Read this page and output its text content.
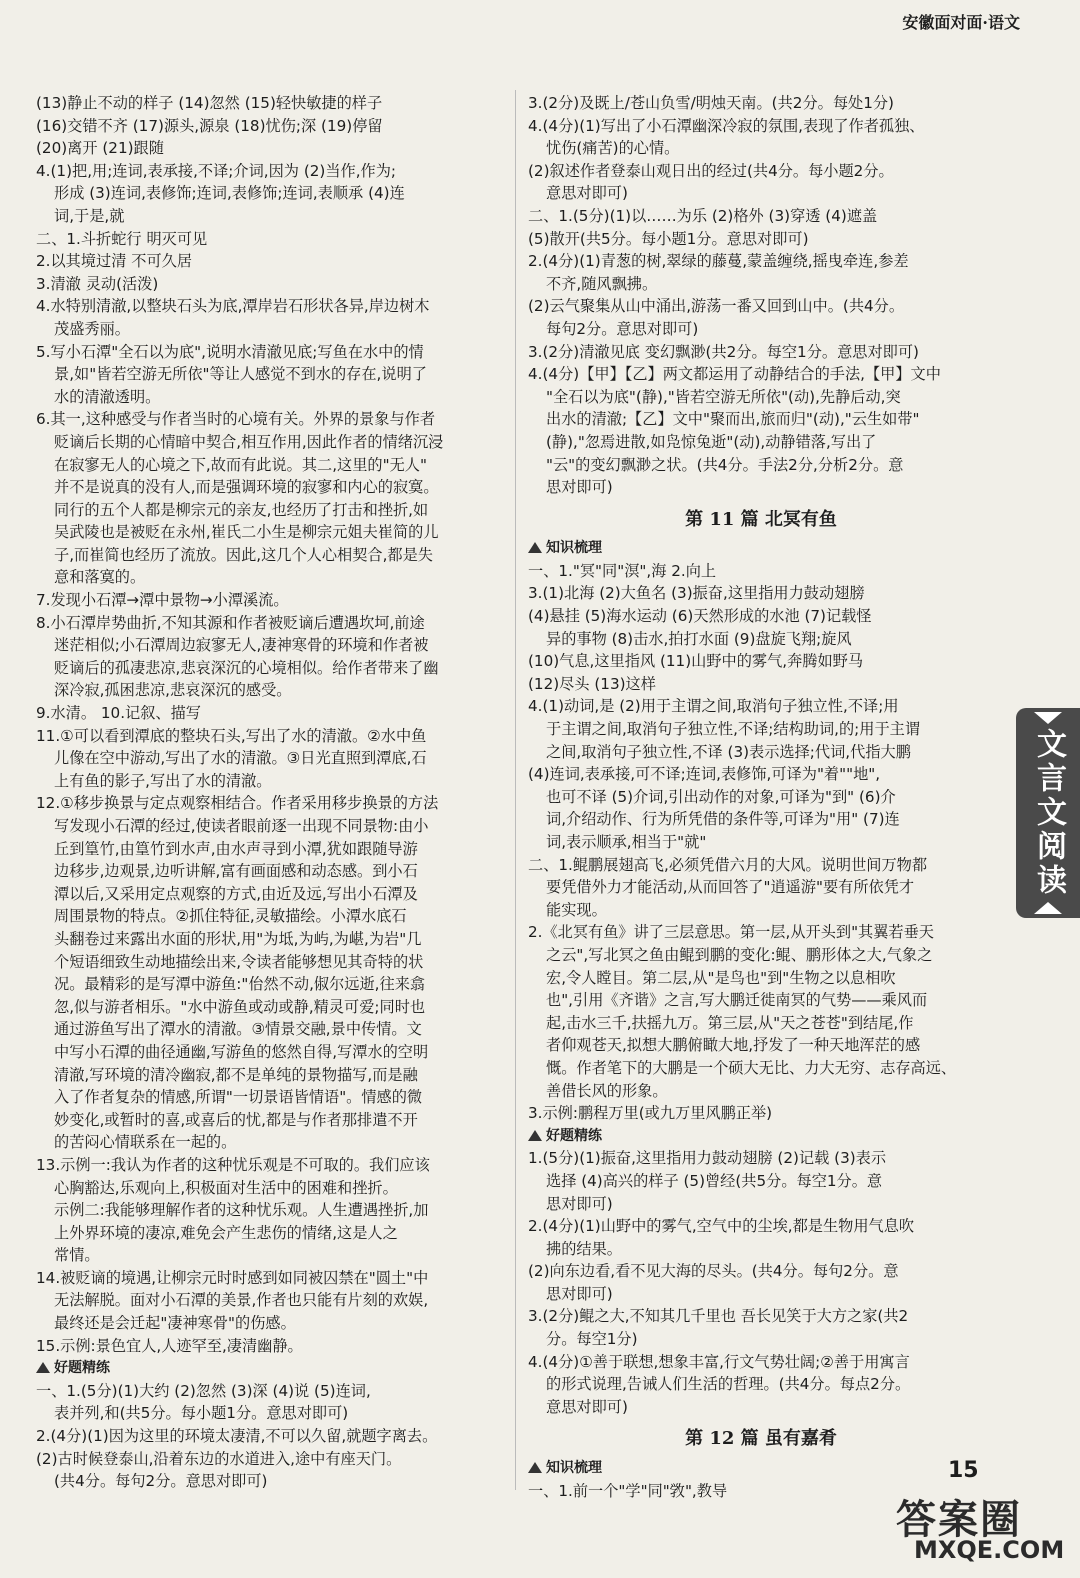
安徽面对面·语文

(13)静止不动的样子 (14)忽然 (15)轻快敏捷的样子

(16)交错不齐 (17)源头,源泉 (18)忧伤;深 (19)停留

(20)离开 (21)跟随

4.(1)把,用;连词,表承接,不译;介词,因为 (2)当作,作为;

形成 (3)连词,表修饰;连词,表修饰;连词,表顺承 (4)连

词,于是,就

二、1.斗折蛇行 明灭可见

2.以其境过清 不可久居

3.清澈 灵动(活泼)

4.水特别清澈,以整块石头为底,潭岸岩石形状各异,岸边树木

茂盛秀丽。

5.写小石潭"全石以为底",说明水清澈见底;写鱼在水中的情

景,如"皆若空游无所依"等让人感觉不到水的存在,说明了

水的清澈透明。

6.其一,这种感受与作者当时的心境有关。外界的景象与作者

贬谪后长期的心情暗中契合,相互作用,因此作者的情绪沉浸

在寂寥无人的心境之下,故而有此说。其二,这里的"无人"

并不是说真的没有人,而是强调环境的寂寥和内心的寂寞。

同行的五个人都是柳宗元的亲友,也经历了打击和挫折,如

吴武陵也是被贬在永州,崔氏二小生是柳宗元姐夫崔简的儿

子,而崔简也经历了流放。因此,这几个人心相契合,都是失

意和落寞的。

7.发现小石潭→潭中景物→小潭溪流。

8.小石潭岸势曲折,不知其源和作者被贬谪后遭遇坎坷,前途

迷茫相似;小石潭周边寂寥无人,凄神寒骨的环境和作者被

贬谪后的孤凄悲凉,悲哀深沉的心境相似。给作者带来了幽

深冷寂,孤困悲凉,悲哀深沉的感受。

9.水清。 10.记叙、描写

11.①可以看到潭底的整块石头,写出了水的清澈。②水中鱼

儿像在空中游动,写出了水的清澈。③日光直照到潭底,石

上有鱼的影子,写出了水的清澈。

12.①移步换景与定点观察相结合。作者采用移步换景的方法

写发现小石潭的经过,使读者眼前逐一出现不同景物:由小

丘到篁竹,由篁竹到水声,由水声寻到小潭,犹如跟随导游

边移步,边观景,边听讲解,富有画面感和动态感。到小石

潭以后,又采用定点观察的方式,由近及远,写出小石潭及

周围景物的特点。②抓住特征,灵敏描绘。小潭水底石

头翻卷过来露出水面的形状,用"为坻,为屿,为嵁,为岩"几

个短语细致生动地描绘出来,令读者能够想见其奇特的状

况。最精彩的是写潭中游鱼:"佁然不动,俶尔远逝,往来翕

忽,似与游者相乐。"水中游鱼或动或静,精灵可爱;同时也

通过游鱼写出了潭水的清澈。③情景交融,景中传情。文

中写小石潭的曲径通幽,写游鱼的悠然自得,写潭水的空明

清澈,写环境的清冷幽寂,都不是单纯的景物描写,而是融

入了作者复杂的情感,所谓"一切景语皆情语"。情感的微

妙变化,或暂时的喜,或喜后的忧,都是与作者那排遣不开

的苦闷心情联系在一起的。

13.示例一:我认为作者的这种忧乐观是不可取的。我们应该

心胸豁达,乐观向上,积极面对生活中的困难和挫折。

示例二:我能够理解作者的这种忧乐观。人生遭遇挫折,加

上外界环境的凄凉,难免会产生悲伤的情绪,这是人之

常情。

14.被贬谪的境遇,让柳宗元时时感到如同被囚禁在"圆土"中

无法解脱。面对小石潭的美景,作者也只能有片刻的欢娱,

最终还是会迁起"凄神寒骨"的伤感。

15.示例:景色宜人,人迹罕至,凄清幽静。

好题精练

一、1.(5分)(1)大约 (2)忽然 (3)深 (4)说 (5)连词,

表并列,和(共5分。每小题1分。意思对即可)

2.(4分)(1)因为这里的环境太凄清,不可以久留,就题字离去。

(2)古时候登泰山,沿着东边的水道进入,途中有座天门。

(共4分。每句2分。意思对即可)

3.(2分)及既上/苍山负雪/明烛天南。(共2分。每处1分)

4.(4分)(1)写出了小石潭幽深冷寂的氛围,表现了作者孤独、

忧伤(痛苦)的心情。

(2)叙述作者登泰山观日出的经过(共4分。每小题2分。

意思对即可)

二、1.(5分)(1)以……为乐 (2)格外 (3)穿透 (4)遮盖

(5)散开(共5分。每小题1分。意思对即可)

2.(4分)(1)青葱的树,翠绿的藤蔓,蒙盖缠绕,摇曳牵连,参差

不齐,随风飘拂。

(2)云气聚集从山中涌出,游荡一番又回到山中。(共4分。

每句2分。意思对即可)

3.(2分)清澈见底 变幻飘渺(共2分。每空1分。意思对即可)

4.(4分)【甲】【乙】两文都运用了动静结合的手法,【甲】文中

"全石以为底"(静),"皆若空游无所依"(动),先静后动,突

出水的清澈;【乙】文中"聚而出,旅而归"(动),"云生如带"

(静),"忽焉进散,如凫惊兔逝"(动),动静错落,写出了

"云"的变幻飘渺之状。(共4分。手法2分,分析2分。意

思对即可)

第 11 篇 北冥有鱼

知识梳理

一、1."冥"同"溟",海 2.向上

3.(1)北海 (2)大鱼名 (3)振奋,这里指用力鼓动翅膀

(4)悬挂 (5)海水运动 (6)天然形成的水池 (7)记载怪

异的事物 (8)击水,拍打水面 (9)盘旋飞翔;旋风

(10)气息,这里指风 (11)山野中的雾气,奔腾如野马

(12)尽头 (13)这样

4.(1)动词,是 (2)用于主谓之间,取消句子独立性,不译;用

于主谓之间,取消句子独立性,不译;结构助词,的;用于主谓

之间,取消句子独立性,不译 (3)表示选择;代词,代指大鹏

(4)连词,表承接,可不译;连词,表修饰,可译为"着""地",

也可不译 (5)介词,引出动作的对象,可译为"到" (6)介

词,介绍动作、行为所凭借的条件等,可译为"用" (7)连

词,表示顺承,相当于"就"

二、1.鲲鹏展翅高飞,必须凭借六月的大风。说明世间万物都

要凭借外力才能活动,从而回答了"逍遥游"要有所依凭才

能实现。

2.《北冥有鱼》讲了三层意思。第一层,从开头到"其翼若垂天

之云",写北冥之鱼由鲲到鹏的变化:鲲、鹏形体之大,气象之

宏,令人瞠目。第二层,从"是鸟也"到"生物之以息相吹

也",引用《齐谐》之言,写大鹏迁徙南冥的气势——乘风而

起,击水三千,扶摇九万。第三层,从"天之苍苍"到结尾,作

者仰观苍天,拟想大鹏俯瞰大地,抒发了一种天地浑茫的感

慨。作者笔下的大鹏是一个硕大无比、力大无穷、志存高远、

善借长风的形象。

3.示例:鹏程万里(或九万里风鹏正举)

好题精练

1.(5分)(1)振奋,这里指用力鼓动翅膀 (2)记载 (3)表示

选择 (4)高兴的样子 (5)曾经(共5分。每空1分。意

思对即可)

2.(4分)(1)山野中的雾气,空气中的尘埃,都是生物用气息吹

拂的结果。

(2)向东边看,看不见大海的尽头。(共4分。每句2分。意

思对即可)

3.(2分)鲲之大,不知其几千里也 吾长见笑于大方之家(共2

分。每空1分)

4.(4分)①善于联想,想象丰富,行文气势壮阔;②善于用寓言

的形式说理,告诫人们生活的哲理。(共4分。每点2分。

意思对即可)

第 12 篇 虽有嘉肴

知识梳理

一、1.前一个"学"同"敩",教导

文言文阅读
15
答案圈
MXQE.COM
